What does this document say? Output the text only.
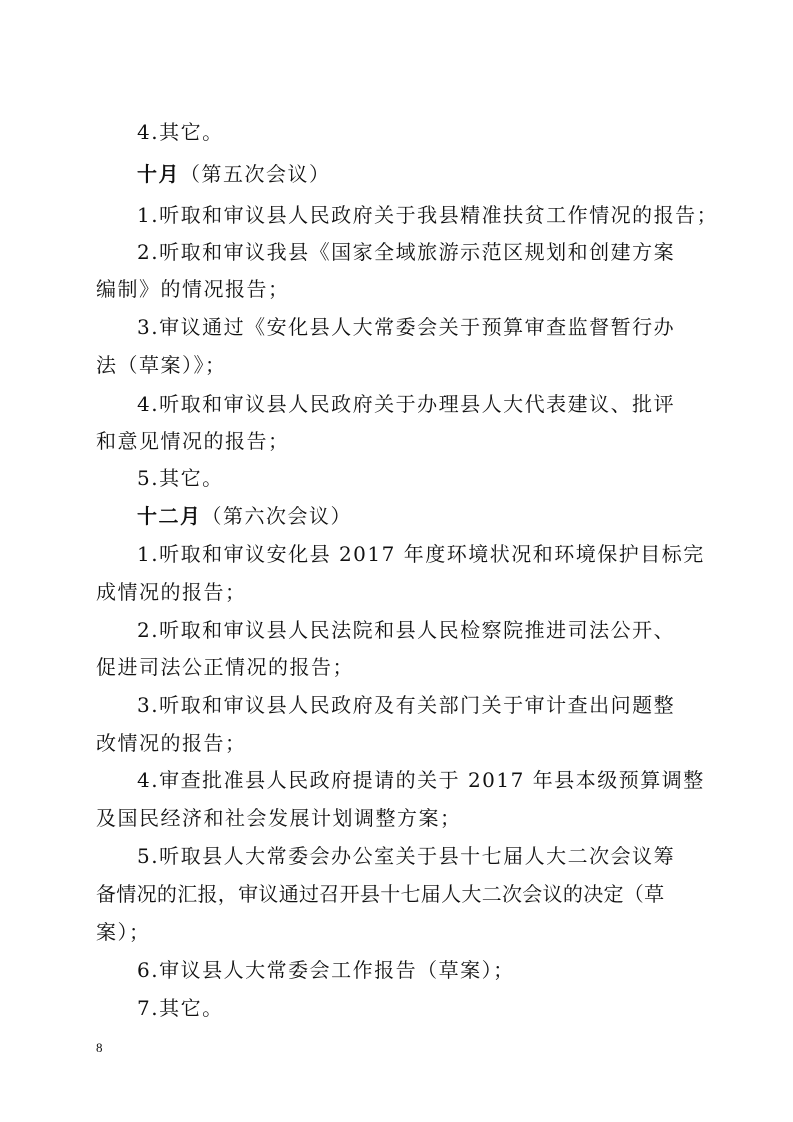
4.其它。
十月（第五次会议）
1.听取和审议县人民政府关于我县精准扶贫工作情况的报告；
2.听取和审议我县《国家全域旅游示范区规划和创建方案
编制》的情况报告；
3.审议通过《安化县人大常委会关于预算审查监督暂行办
法（草案）》；
4.听取和审议县人民政府关于办理县人大代表建议、批评
和意见情况的报告；
5.其它。
十二月（第六次会议）
1.听取和审议安化县 2017 年度环境状况和环境保护目标完
成情况的报告；
2.听取和审议县人民法院和县人民检察院推进司法公开、
促进司法公正情况的报告；
3.听取和审议县人民政府及有关部门关于审计查出问题整
改情况的报告；
4.审查批准县人民政府提请的关于 2017 年县本级预算调整
及国民经济和社会发展计划调整方案；
5.听取县人大常委会办公室关于县十七届人大二次会议筹
备情况的汇报，审议通过召开县十七届人大二次会议的决定（草
案）；
6.审议县人大常委会工作报告（草案）；
7.其它。
8
